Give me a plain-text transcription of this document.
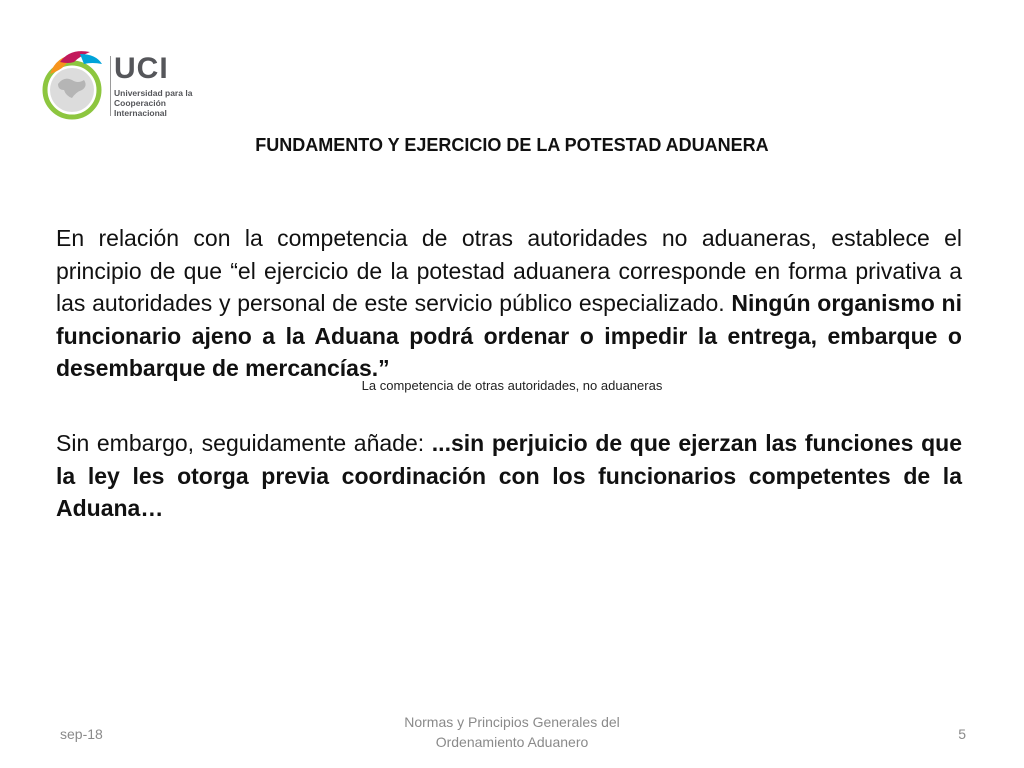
UCI
Universidad para la
Cooperación Internacional
FUNDAMENTO Y EJERCICIO DE LA POTESTAD ADUANERA
En relación con la competencia de otras autoridades no aduaneras, establece el principio de que “el ejercicio de la potestad aduanera corresponde en forma privativa a las autoridades y personal de este servicio público especializado. Ningún organismo ni funcionario ajeno a la Aduana podrá ordenar o impedir la entrega, embarque o desembarque de mercancías.”
La competencia de otras autoridades, no aduaneras
Sin embargo, seguidamente añade: ...sin perjuicio de que ejerzan las funciones que la ley les otorga previa coordinación con los funcionarios competentes de la Aduana…
sep-18
Normas y Principios Generales del
Ordenamiento Aduanero	5
